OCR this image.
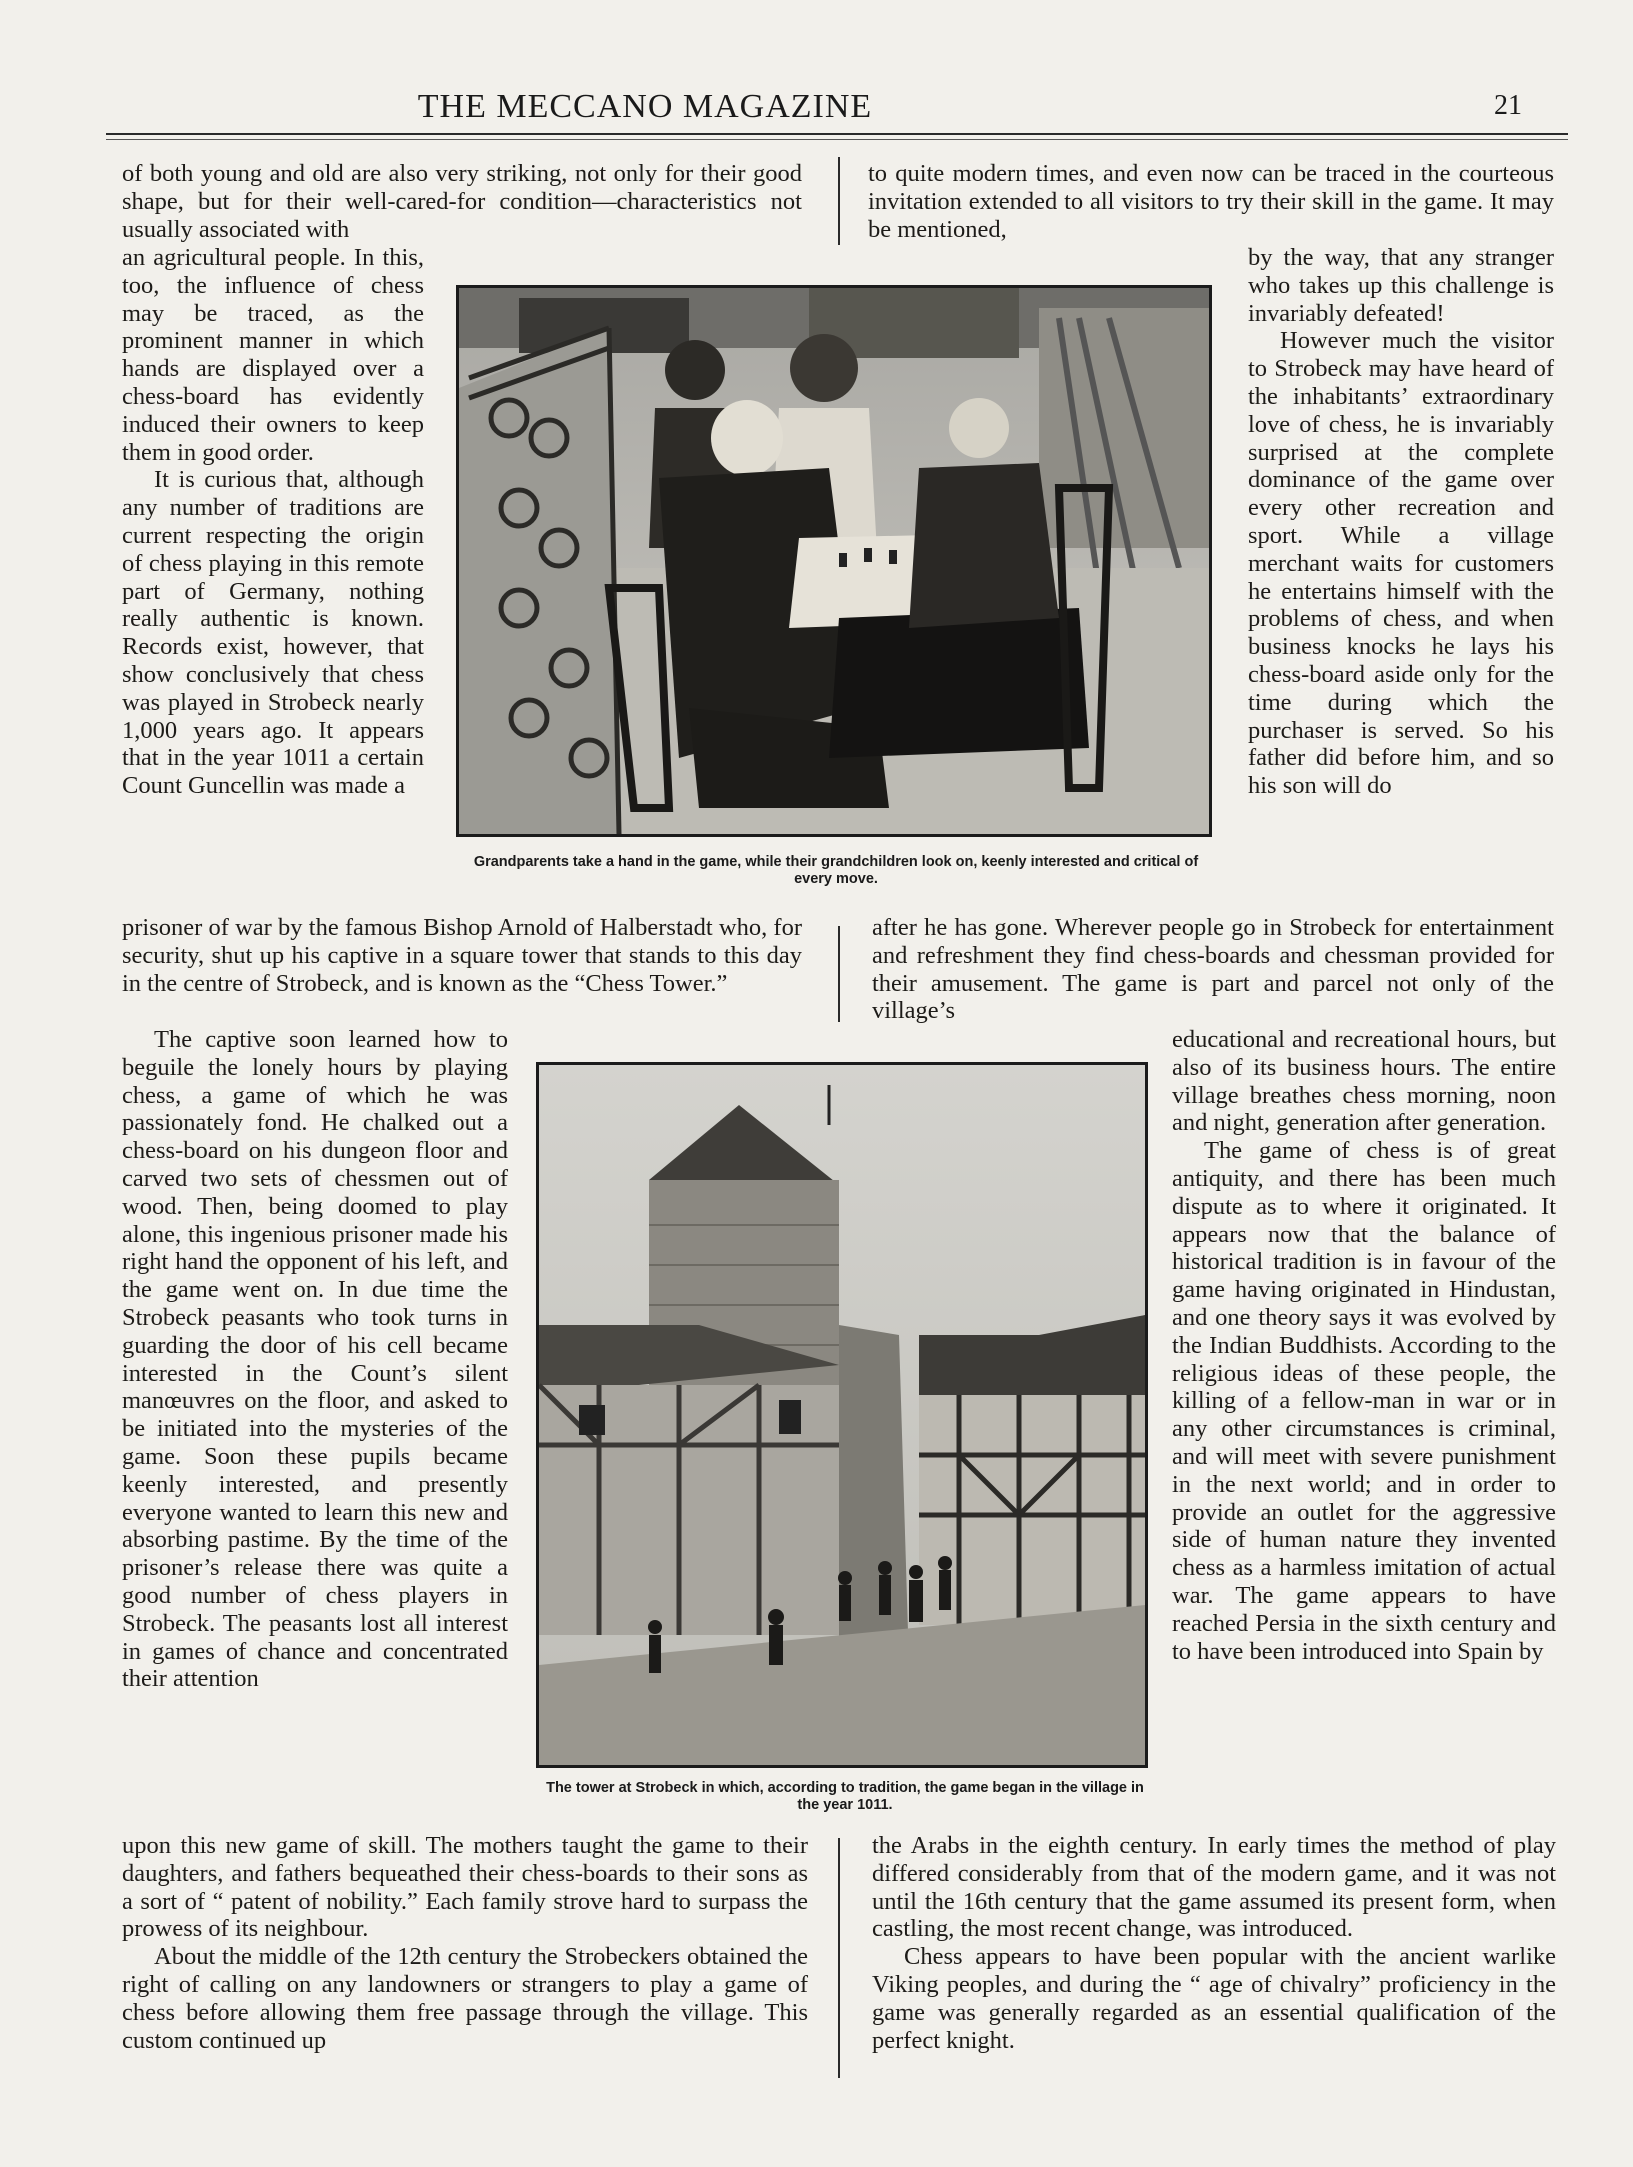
THE MECCANO MAGAZINE	21

of both young and old are also very striking, not only for their good shape, but for their well-cared-for condition—characteristics not usually associated with

an agricultural people. In this, too, the influence of chess may be traced, as the prominent manner in which hands are displayed over a chess-board has evidently induced their owners to keep them in good order.

It is curious that, although any number of traditions are current respecting the origin of chess playing in this remote part of Germany, nothing really authentic is known. Records exist, however, that show conclusively that chess was played in Strobeck nearly 1,000 years ago. It appears that in the year 1011 a certain Count Guncellin was made a

prisoner of war by the famous Bishop Arnold of Halberstadt who, for security, shut up his captive in a square tower that stands to this day in the centre of Strobeck, and is known as the “Chess Tower.”

The captive soon learned how to beguile the lonely hours by playing chess, a game of which he was passionately fond. He chalked out a chess-board on his dungeon floor and carved two sets of chessmen out of wood. Then, being doomed to play alone, this ingenious prisoner made his right hand the opponent of his left, and the game went on. In due time the Strobeck peasants who took turns in guarding the door of his cell became interested in the Count’s silent manœuvres on the floor, and asked to be initiated into the mysteries of the game. Soon these pupils became keenly interested, and presently everyone wanted to learn this new and absorbing pastime. By the time of the prisoner’s release there was quite a good number of chess players in Strobeck. The peasants lost all interest in games of chance and concentrated their attention

upon this new game of skill. The mothers taught the game to their daughters, and fathers bequeathed their chess-boards to their sons as a sort of “ patent of nobility.” Each family strove hard to surpass the prowess of its neighbour.

About the middle of the 12th century the Strobeckers obtained the right of calling on any landowners or strangers to play a game of chess before allowing them free passage through the village. This custom continued up

to quite modern times, and even now can be traced in the courteous invitation extended to all visitors to try their skill in the game. It may be mentioned,

by the way, that any stranger who takes up this challenge is invariably defeated!

However much the visitor to Strobeck may have heard of the inhabitants’ extraordinary love of chess, he is invariably surprised at the complete dominance of the game over every other recreation and sport. While a village merchant waits for customers he entertains himself with the problems of chess, and when business knocks he lays his chess-board aside only for the time during which the purchaser is served. So his father did before him, and so his son will do

after he has gone. Wherever people go in Strobeck for entertainment and refreshment they find chess-boards and chessman provided for their amusement. The game is part and parcel not only of the village’s

educational and recreational hours, but also of its business hours. The entire village breathes chess morning, noon and night, generation after generation.

The game of chess is of great antiquity, and there has been much dispute as to where it originated. It appears now that the balance of historical tradition is in favour of the game having originated in Hindustan, and one theory says it was evolved by the Indian Buddhists. According to the religious ideas of these people, the killing of a fellow-man in war or in any other circumstances is criminal, and will meet with severe punishment in the next world; and in order to provide an outlet for the aggressive side of human nature they invented chess as a harmless imitation of actual war. The game appears to have reached Persia in the sixth century and to have been introduced into Spain by

the Arabs in the eighth century. In early times the method of play differed considerably from that of the modern game, and it was not until the 16th century that the game assumed its present form, when castling, the most recent change, was introduced.

Chess appears to have been popular with the ancient warlike Viking peoples, and during the “ age of chivalry” proficiency in the game was generally regarded as an essential qualification of the perfect knight.

Grandparents take a hand in the game, while their grandchildren look on, keenly interested and critical of every move.
The tower at Strobeck in which, according to tradition, the game began in the village in the year 1011.
